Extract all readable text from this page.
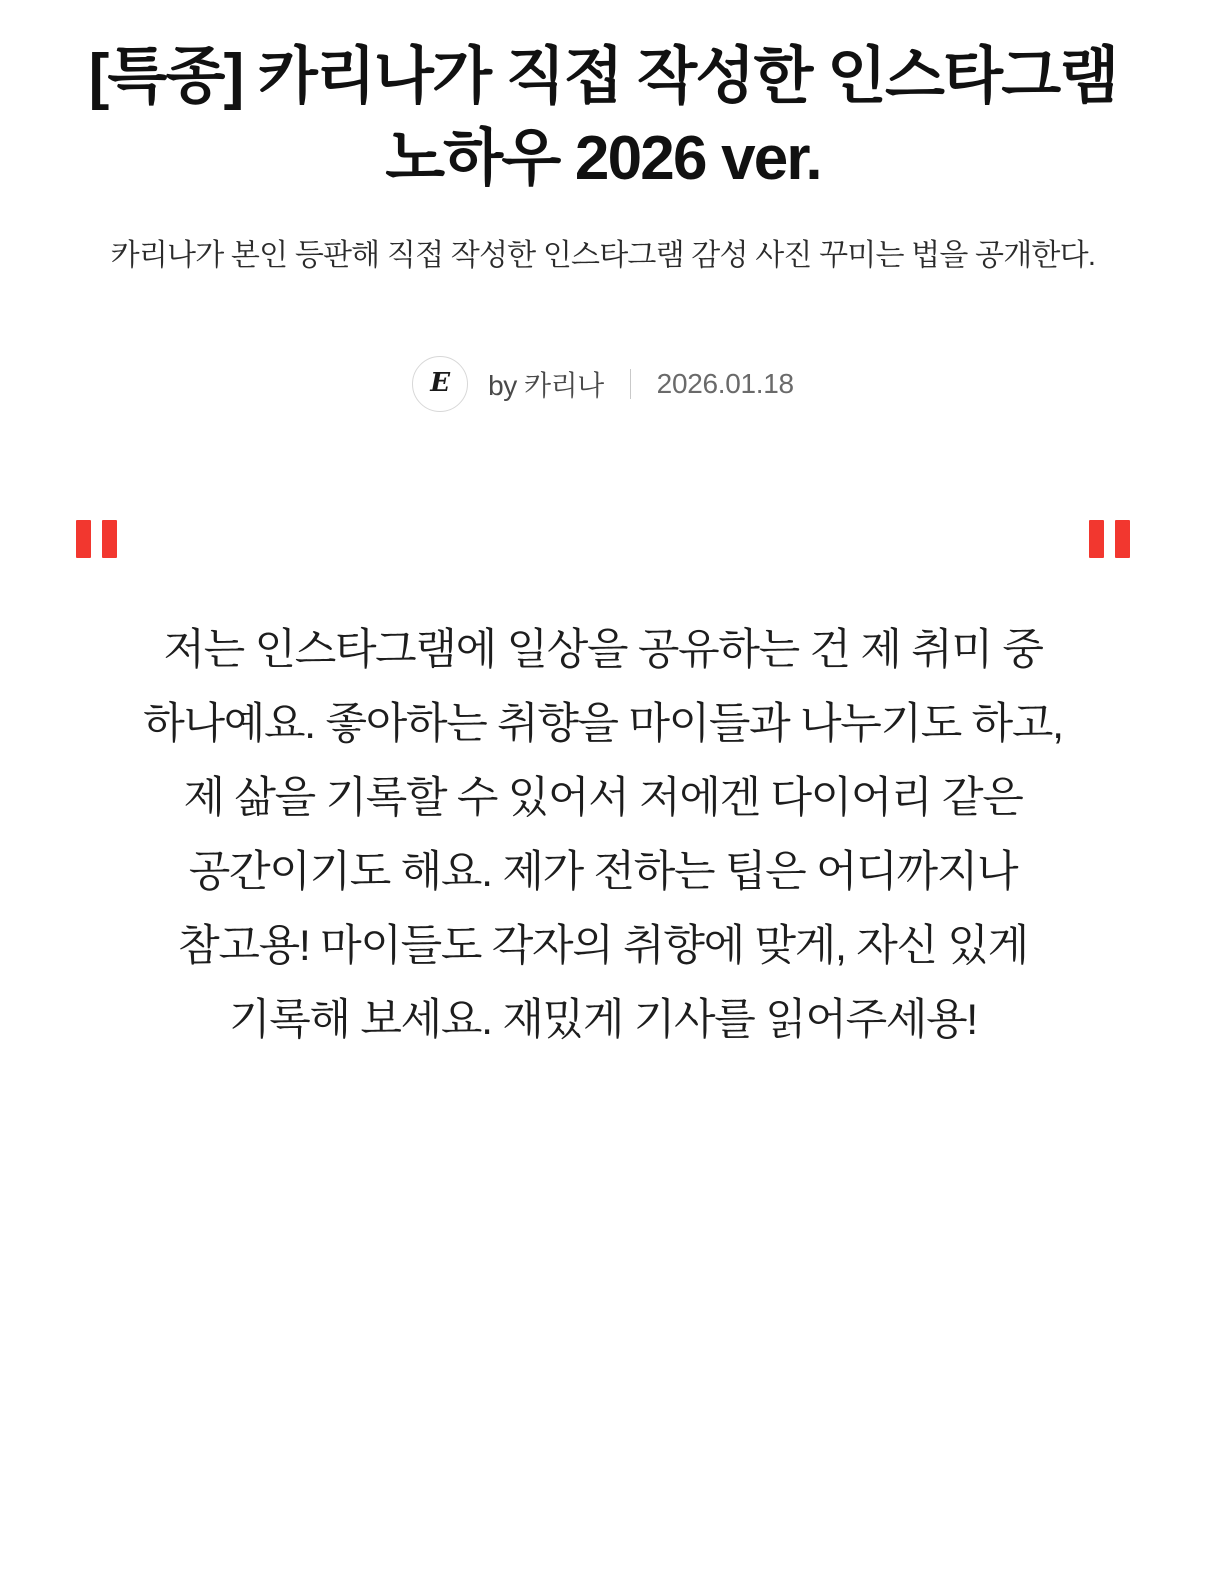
[특종] 카리나가 직접 작성한 인스타그램 노하우 2026 ver.

카리나가 본인 등판해 직접 작성한 인스타그램 감성 사진 꾸미는 법을 공개한다.

E by 카리나 2026.01.18

저는 인스타그램에 일상을 공유하는 건 제 취미 중 하나예요. 좋아하는 취향을 마이들과 나누기도 하고, 제 삶을 기록할 수 있어서 저에겐 다이어리 같은 공간이기도 해요. 제가 전하는 팁은 어디까지나 참고용! 마이들도 각자의 취향에 맞게, 자신 있게 기록해 보세요. 재밌게 기사를 읽어주세용!
